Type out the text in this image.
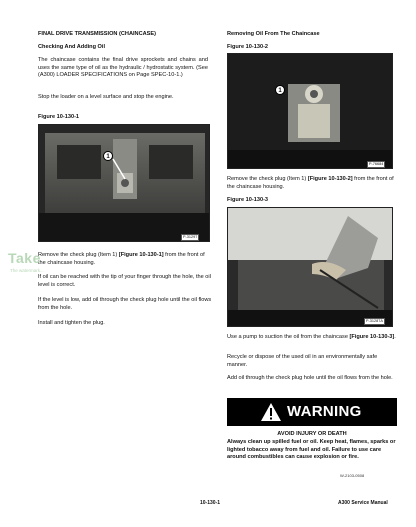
FINAL DRIVE TRANSMISSION (CHAINCASE)
Checking And Adding Oil
The chaincase contains the final drive sprockets and chains and uses the same type of oil as the hydraulic / hydrostatic system. (See (A300) LOADER SPECIFICATIONS on Page SPEC-10-1.)
Stop the loader on a level surface and stop the engine.
Figure 10-130-1
1
P-31297
Remove the check plug (Item 1) [Figure 10-130-1] from the front of the chaincase housing.
If oil can be reached with the tip of your finger through the hole, the oil level is correct.
If the level is low, add oil through the check plug hole until the oil flows from the hole.
Install and tighten the plug.
Take
The watermark...
Removing Oil From The Chaincase
Figure 10-130-2
1
P-76684
Remove the check plug (Item 1) [Figure 10-130-2] from the front of the chaincase housing.
Figure 10-130-3
P-31287A
Use a pump to suction the oil from the chaincase [Figure 10-130-3].
Recycle or dispose of the used oil in an environmentally safe manner.
Add oil through the check plug hole until the oil flows from the hole.
WARNING
AVOID INJURY OR DEATH
Always clean up spilled fuel or oil. Keep heat, flames, sparks or lighted tobacco away from fuel and oil. Failure to use care around combustibles can cause explosion or fire.
W-2103-0508
10-130-1	A300 Service Manual
